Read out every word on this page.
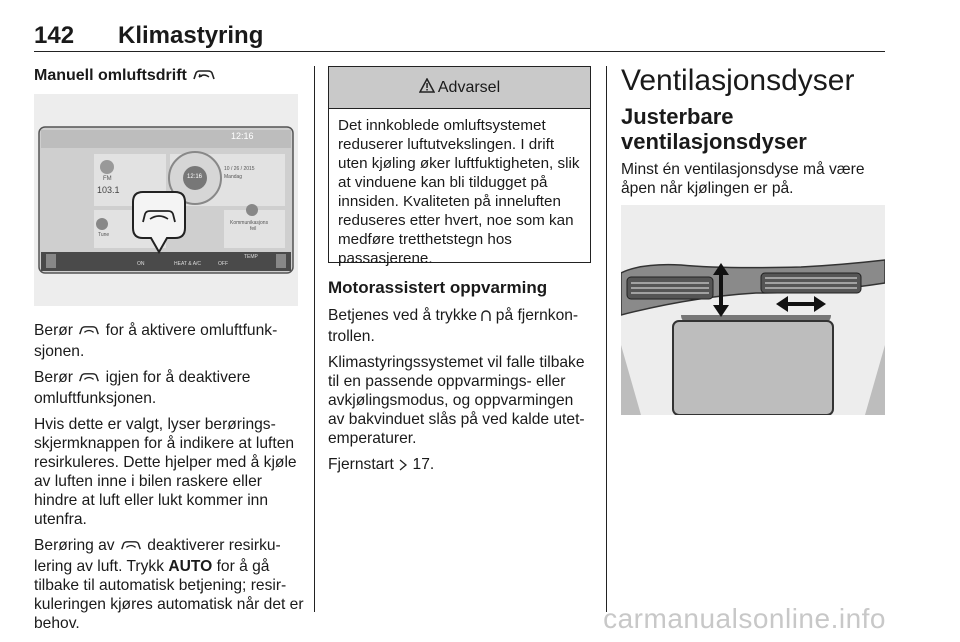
142 Klimastyring
Manuell omluftsdrift
12:16
12:16
10 / 26 / 2015
Mandag
FM
103.1
Kommunikasjons
feil
Tune
ON	HEAT & A/C	OFF
TEMP

Berør for å aktivere omluftfunk-sjonen.

Berør igjen for å deaktivere omluftfunksjonen.

Hvis dette er valgt, lyser berørings-skjermknappen for å indikere at luften resirkuleres. Dette hjelper med å kjøle av luften inne i bilen raskere eller hindre at luft eller lukt kommer inn utenfra.

Berøring av deaktiverer resirku-lering av luft. Trykk AUTO for å gå tilbake til automatisk betjening; resir-kuleringen kjøres automatisk når det er behov.

Advarsel
Det innkoblede omluftsystemet reduserer luftutvekslingen. I drift uten kjøling øker luftfuktigheten, slik at vinduene kan bli tildugget på innsiden. Kvaliteten på inneluften reduseres etter hvert, noe som kan medføre tretthetstegn hos passasjerene.

Motorassistert oppvarming

Betjenes ved å trykke på fjernkon-trollen.

Klimastyringssystemet vil falle tilbake til en passende oppvarmings- eller avkjølingsmodus, og oppvarmingen av bakvinduet slås på ved kalde utet-emperaturer.

Fjernstart 17.

Ventilasjonsdyser
Justerbare ventilasjonsdyser

Minst én ventilasjonsdyse må være åpen når kjølingen er på.

carmanualsonline.info
